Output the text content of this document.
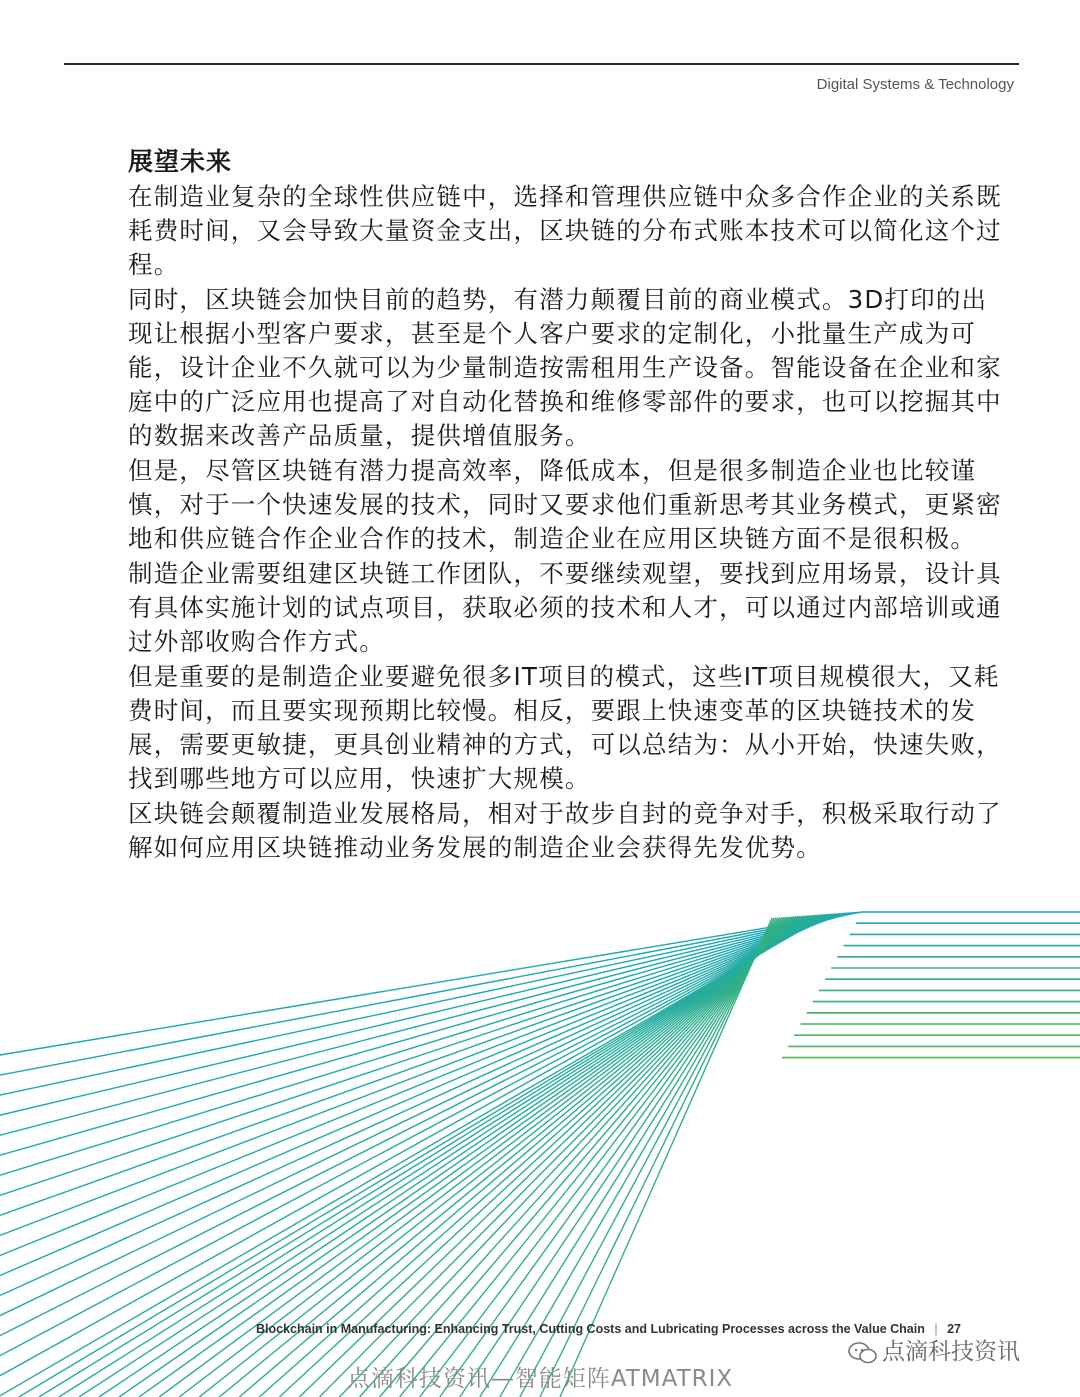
Digital Systems & Technology
展望未来

在制造业复杂的全球性供应链中，选择和管理供应链中众多合作企业的关系既耗费时间，又会导致大量资金支出，区块链的分布式账本技术可以简化这个过程。

同时，区块链会加快目前的趋势，有潜力颠覆目前的商业模式。3D打印的出现让根据小型客户要求，甚至是个人客户要求的定制化，小批量生产成为可能，设计企业不久就可以为少量制造按需租用生产设备。智能设备在企业和家庭中的广泛应用也提高了对自动化替换和维修零部件的要求，也可以挖掘其中的数据来改善产品质量，提供增值服务。

但是，尽管区块链有潜力提高效率，降低成本，但是很多制造企业也比较谨慎，对于一个快速发展的技术，同时又要求他们重新思考其业务模式，更紧密地和供应链合作企业合作的技术，制造企业在应用区块链方面不是很积极。

制造企业需要组建区块链工作团队，不要继续观望，要找到应用场景，设计具有具体实施计划的试点项目，获取必须的技术和人才，可以通过内部培训或通过外部收购合作方式。

但是重要的是制造企业要避免很多IT项目的模式，这些IT项目规模很大，又耗费时间，而且要实现预期比较慢。相反，要跟上快速变革的区块链技术的发展，需要更敏捷，更具创业精神的方式，可以总结为：从小开始，快速失败，找到哪些地方可以应用，快速扩大规模。

区块链会颠覆制造业发展格局，相对于故步自封的竞争对手，积极采取行动了解如何应用区块链推动业务发展的制造企业会获得先发优势。

Blockchain in Manufacturing: Enhancing Trust, Cutting Costs and Lubricating Processes across the Value Chain | 27
点滴科技资讯
点滴科技资讯—智能矩阵ATMATRIX
